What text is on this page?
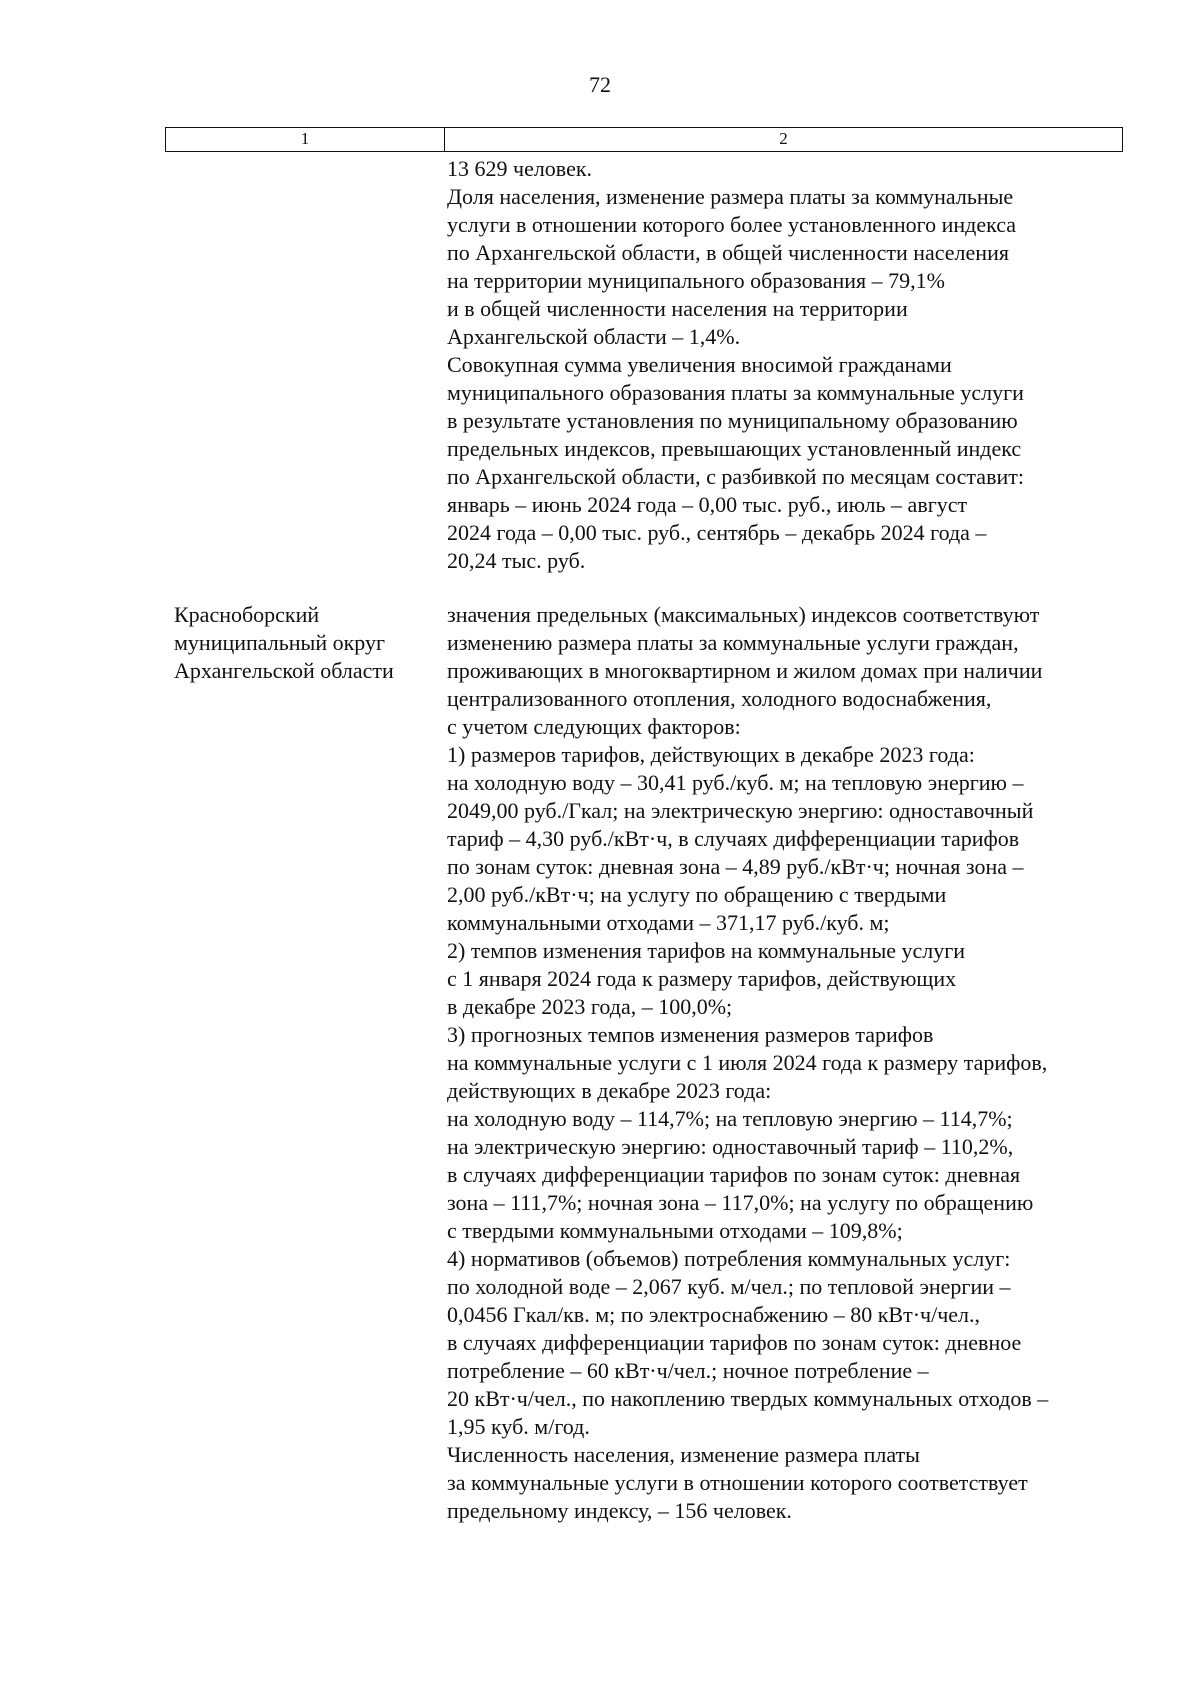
72
1	2
13 629 человек.
Доля населения, изменение размера платы за коммунальные
услуги в отношении которого более установленного индекса
по Архангельской области, в общей численности населения
на территории муниципального образования – 79,1%
и в общей численности населения на территории
Архангельской области – 1,4%.
Совокупная сумма увеличения вносимой гражданами
муниципального образования платы за коммунальные услуги
в результате установления по муниципальному образованию
предельных индексов, превышающих установленный индекс
по Архангельской области, с разбивкой по месяцам составит:
январь – июнь 2024 года – 0,00 тыс. руб., июль – август
2024 года – 0,00 тыс. руб., сентябрь – декабрь 2024 года –
20,24 тыс. руб.
Красноборский
муниципальный округ
Архангельской области
значения предельных (максимальных) индексов соответствуют
изменению размера платы за коммунальные услуги граждан,
проживающих в многоквартирном и жилом домах при наличии
централизованного отопления, холодного водоснабжения,
с учетом следующих факторов:
1) размеров тарифов, действующих в декабре 2023 года:
на холодную воду – 30,41 руб./куб. м; на тепловую энергию –
2049,00 руб./Гкал; на электрическую энергию: одноставочный
тариф – 4,30 руб./кВт·ч, в случаях дифференциации тарифов
по зонам суток: дневная зона – 4,89 руб./кВт·ч; ночная зона –
2,00 руб./кВт·ч; на услугу по обращению с твердыми
коммунальными отходами – 371,17 руб./куб. м;
2) темпов изменения тарифов на коммунальные услуги
с 1 января 2024 года к размеру тарифов, действующих
в декабре 2023 года, – 100,0%;
3) прогнозных темпов изменения размеров тарифов
на коммунальные услуги с 1 июля 2024 года к размеру тарифов,
действующих в декабре 2023 года:
на холодную воду – 114,7%; на тепловую энергию – 114,7%;
на электрическую энергию: одноставочный тариф – 110,2%,
в случаях дифференциации тарифов по зонам суток: дневная
зона – 111,7%; ночная зона – 117,0%; на услугу по обращению
с твердыми коммунальными отходами – 109,8%;
4) нормативов (объемов) потребления коммунальных услуг:
по холодной воде – 2,067 куб. м/чел.; по тепловой энергии –
0,0456 Гкал/кв. м; по электроснабжению – 80 кВт·ч/чел.,
в случаях дифференциации тарифов по зонам суток: дневное
потребление – 60 кВт·ч/чел.; ночное потребление –
20 кВт·ч/чел., по накоплению твердых коммунальных отходов –
1,95 куб. м/год.
Численность населения, изменение размера платы
за коммунальные услуги в отношении которого соответствует
предельному индексу, – 156 человек.
